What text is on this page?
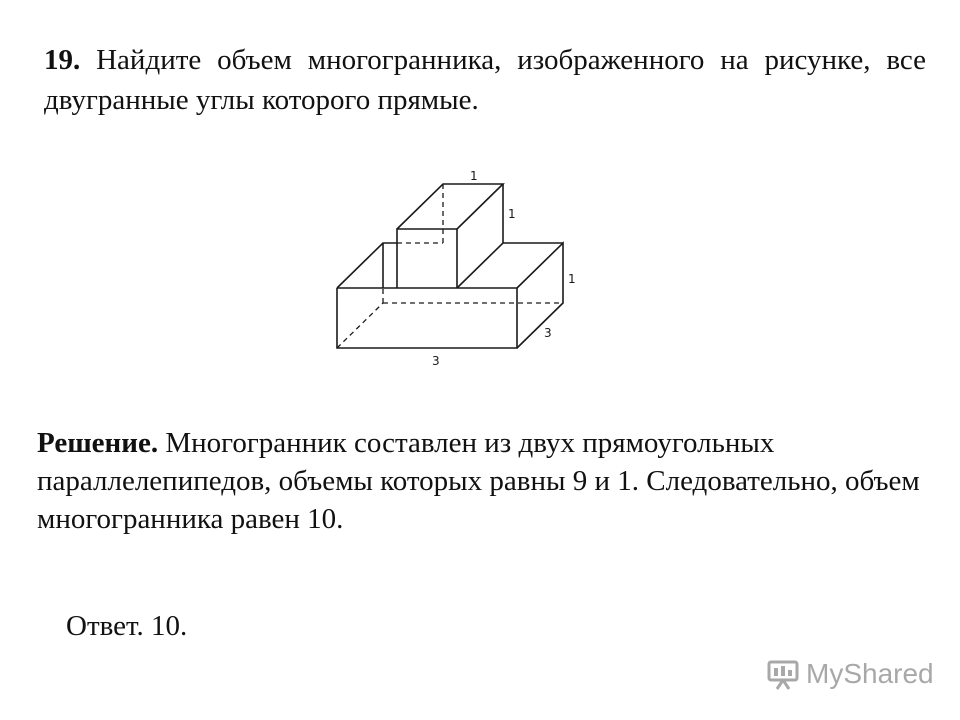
19. Найдите объем многогранника, изображенного на рисунке, все двугранные углы которого прямые.
1
1
1
3
3
Решение. Многогранник составлен из двух прямоугольных параллелепипедов, объемы которых равны 9 и 1. Следовательно, объем многогранника равен 10.
Ответ. 10.
MyShared
